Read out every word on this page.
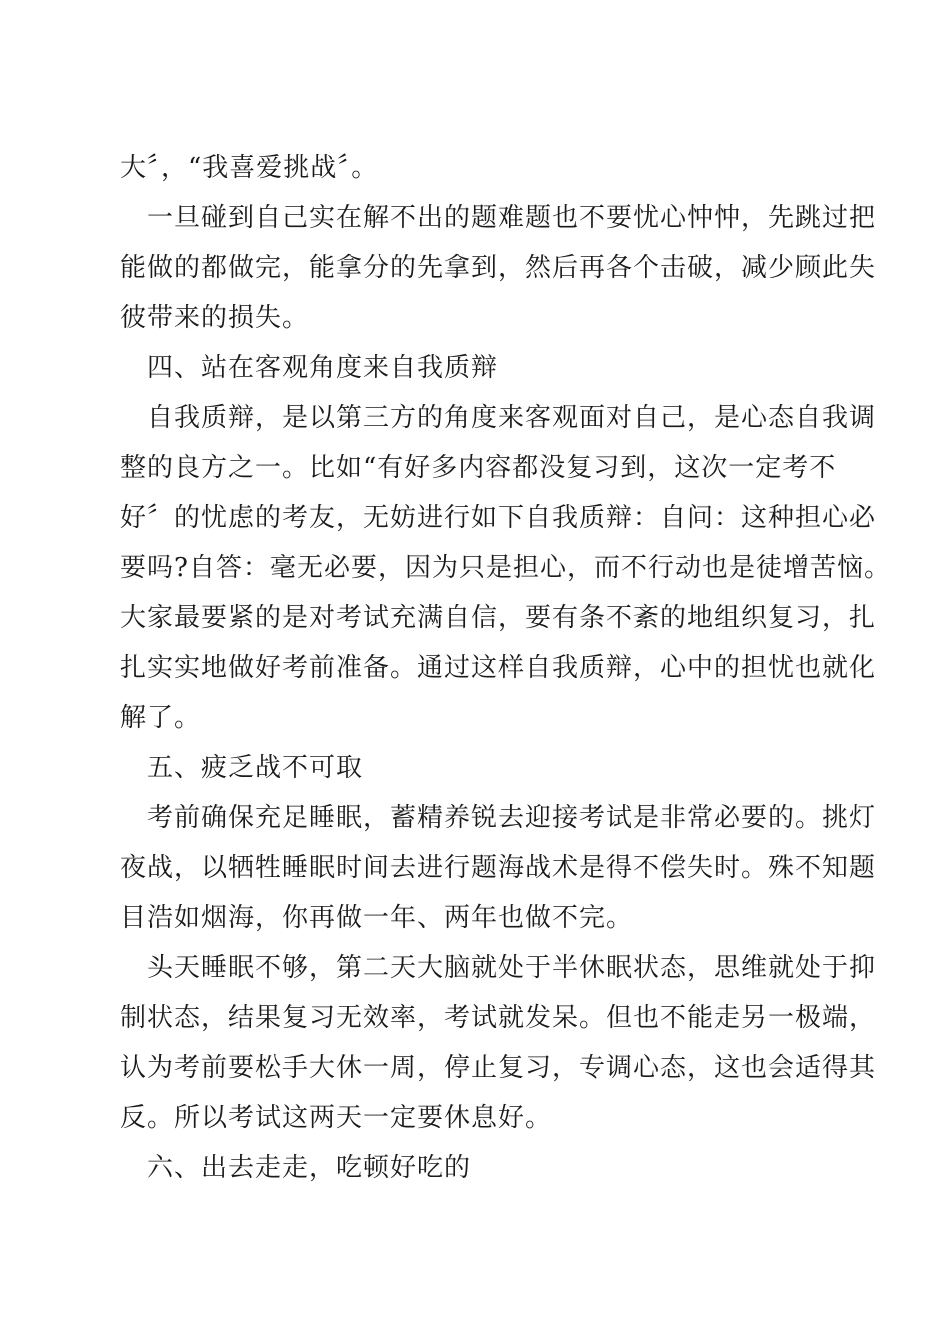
大〞，“我喜爱挑战〞。
一旦碰到自己实在解不出的题难题也不要忧心忡忡，先跳过把
能做的都做完，能拿分的先拿到，然后再各个击破，减少顾此失
彼带来的损失。
四、站在客观角度来自我质辩
自我质辩，是以第三方的角度来客观面对自己，是心态自我调
整的良方之一。比如“有好多内容都没复习到，这次一定考不
好〞的忧虑的考友，无妨进行如下自我质辩：自问：这种担心必
要吗?自答：毫无必要，因为只是担心，而不行动也是徒增苦恼。
大家最要紧的是对考试充满自信，要有条不紊的地组织复习，扎
扎实实地做好考前准备。通过这样自我质辩，心中的担忧也就化
解了。
五、疲乏战不可取
考前确保充足睡眠，蓄精养锐去迎接考试是非常必要的。挑灯
夜战，以牺牲睡眠时间去进行题海战术是得不偿失时。殊不知题
目浩如烟海，你再做一年、两年也做不完。
头天睡眠不够，第二天大脑就处于半休眠状态，思维就处于抑
制状态，结果复习无效率，考试就发呆。但也不能走另一极端，
认为考前要松手大休一周，停止复习，专调心态，这也会适得其
反。所以考试这两天一定要休息好。
六、出去走走，吃顿好吃的
